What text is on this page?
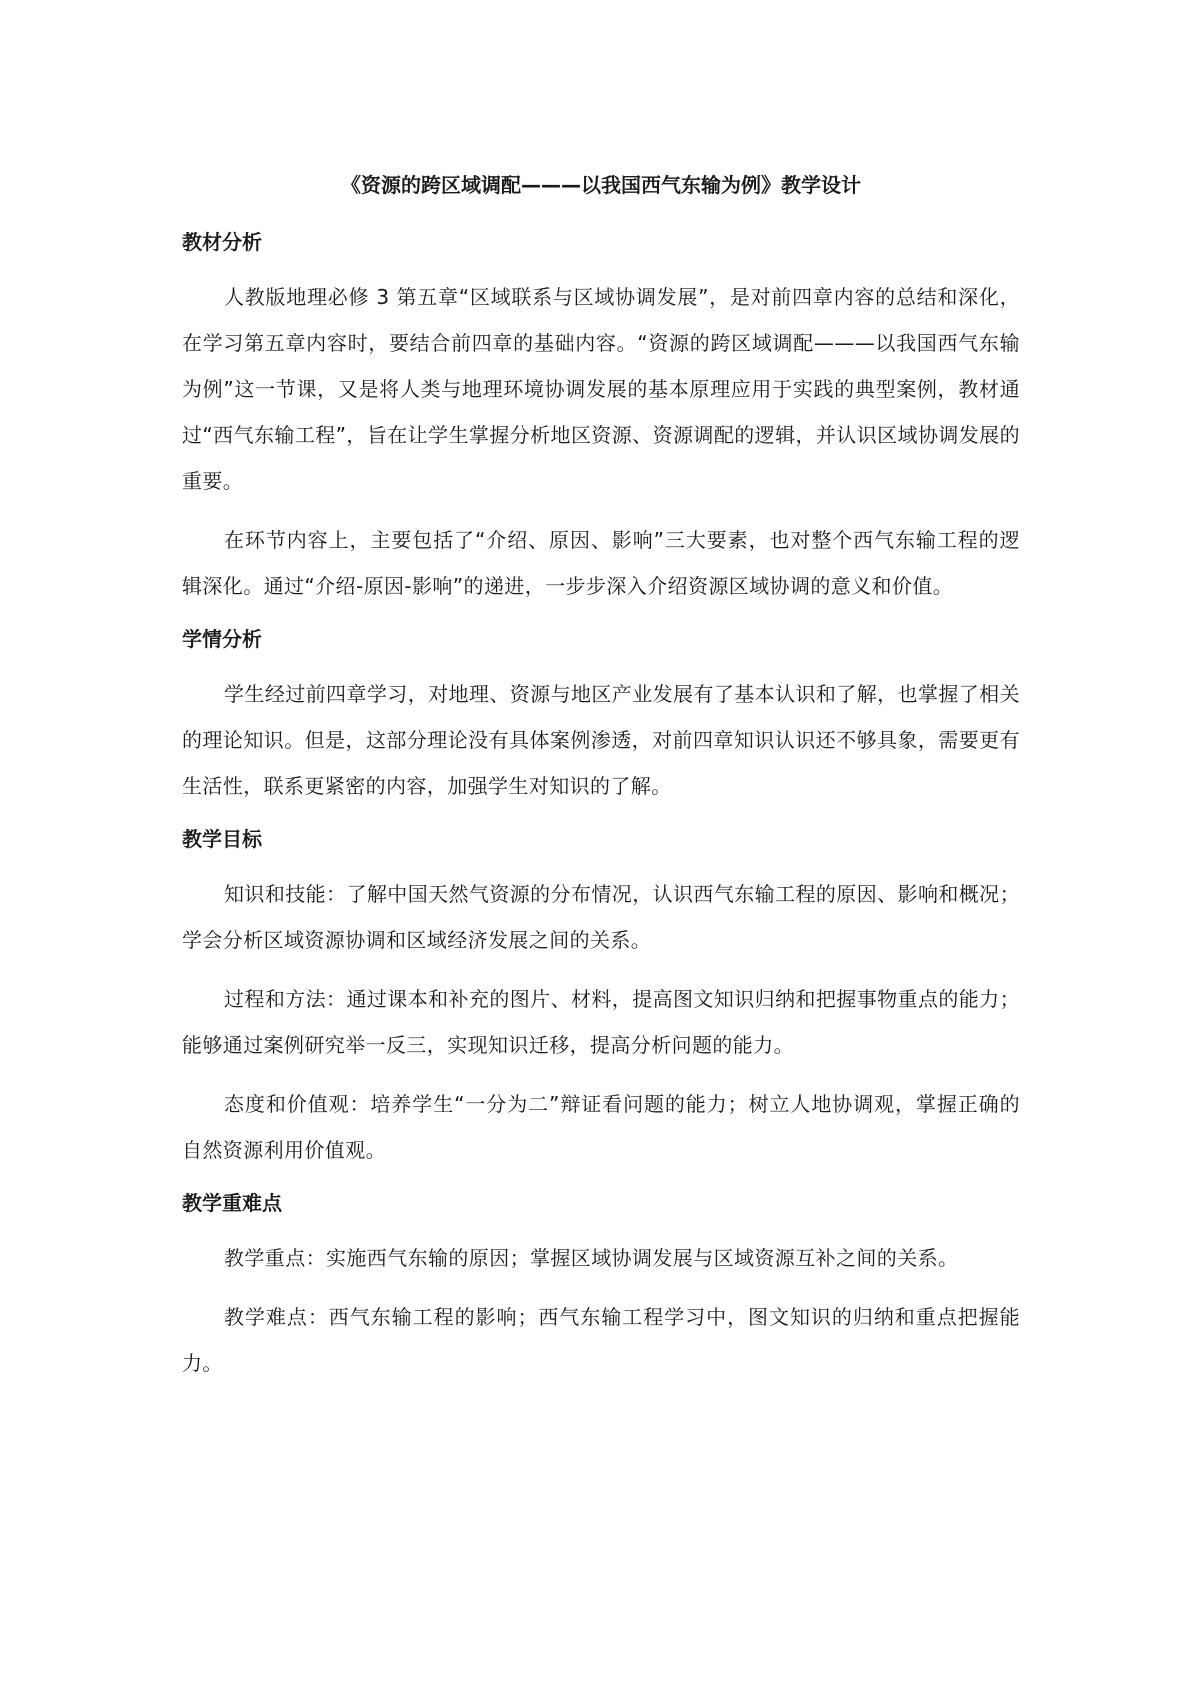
《资源的跨区域调配———以我国西气东输为例》教学设计
教材分析

人教版地理必修 3 第五章“区域联系与区域协调发展”，是对前四章内容的总结和深化，在学习第五章内容时，要结合前四章的基础内容。“资源的跨区域调配———以我国西气东输为例”这一节课，又是将人类与地理环境协调发展的基本原理应用于实践的典型案例，教材通过“西气东输工程”，旨在让学生掌握分析地区资源、资源调配的逻辑，并认识区域协调发展的重要。

在环节内容上，主要包括了“介绍、原因、影响”三大要素，也对整个西气东输工程的逻辑深化。通过“介绍-原因-影响”的递进，一步步深入介绍资源区域协调的意义和价值。

学情分析

学生经过前四章学习，对地理、资源与地区产业发展有了基本认识和了解，也掌握了相关的理论知识。但是，这部分理论没有具体案例渗透，对前四章知识认识还不够具象，需要更有生活性，联系更紧密的内容，加强学生对知识的了解。

教学目标

知识和技能：了解中国天然气资源的分布情况，认识西气东输工程的原因、影响和概况；学会分析区域资源协调和区域经济发展之间的关系。

过程和方法：通过课本和补充的图片、材料，提高图文知识归纳和把握事物重点的能力；能够通过案例研究举一反三，实现知识迁移，提高分析问题的能力。

态度和价值观：培养学生“一分为二”辩证看问题的能力；树立人地协调观，掌握正确的自然资源利用价值观。

教学重难点

教学重点：实施西气东输的原因；掌握区域协调发展与区域资源互补之间的关系。

教学难点：西气东输工程的影响；西气东输工程学习中，图文知识的归纳和重点把握能力。
